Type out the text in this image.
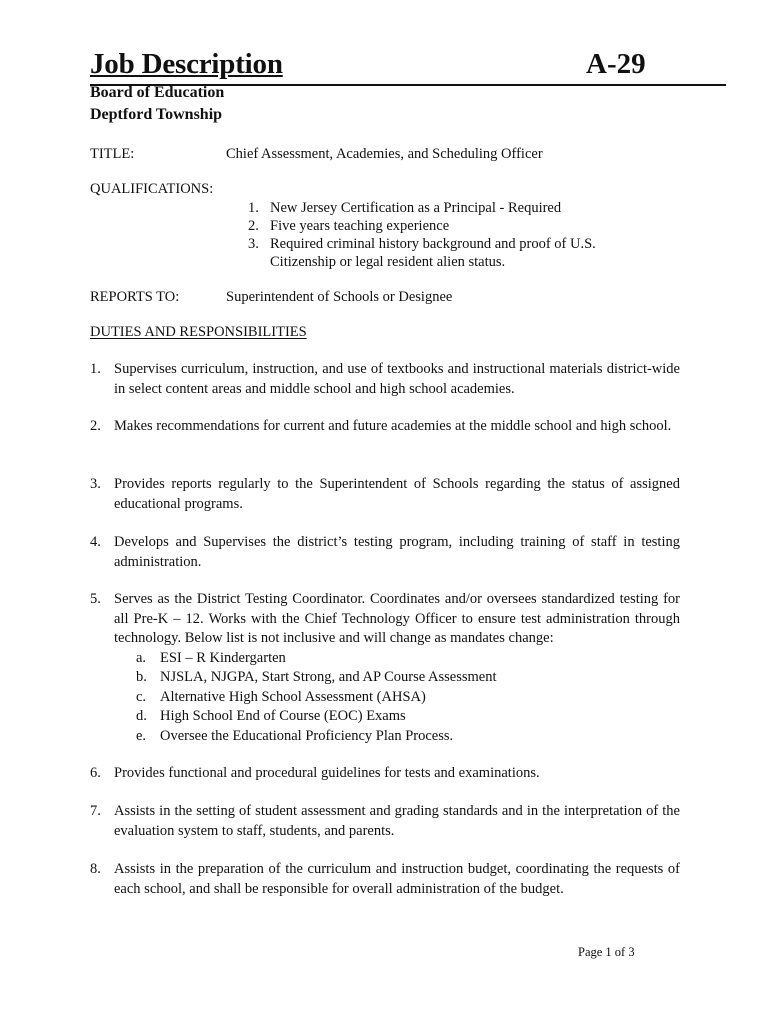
Job Description	A-29
Board of Education
Deptford Township
TITLE:	Chief Assessment, Academies, and Scheduling Officer
QUALIFICATIONS:
1. New Jersey Certification as a Principal - Required
2. Five years teaching experience
3. Required criminal history background and proof of U.S. Citizenship or legal resident alien status.
REPORTS TO:	Superintendent of Schools or Designee
DUTIES AND RESPONSIBILITIES
1. Supervises curriculum, instruction, and use of textbooks and instructional materials district-wide in select content areas and middle school and high school academies.
2. Makes recommendations for current and future academies at the middle school and high school.
3. Provides reports regularly to the Superintendent of Schools regarding the status of assigned educational programs.
4. Develops and Supervises the district’s testing program, including training of staff in testing administration.
5. Serves as the District Testing Coordinator. Coordinates and/or oversees standardized testing for all Pre-K – 12. Works with the Chief Technology Officer to ensure test administration through technology. Below list is not inclusive and will change as mandates change:
a. ESI – R Kindergarten
b. NJSLA, NJGPA, Start Strong, and AP Course Assessment
c. Alternative High School Assessment (AHSA)
d. High School End of Course (EOC) Exams
e. Oversee the Educational Proficiency Plan Process.
6. Provides functional and procedural guidelines for tests and examinations.
7. Assists in the setting of student assessment and grading standards and in the interpretation of the evaluation system to staff, students, and parents.
8. Assists in the preparation of the curriculum and instruction budget, coordinating the requests of each school, and shall be responsible for overall administration of the budget.
Page 1 of 3
